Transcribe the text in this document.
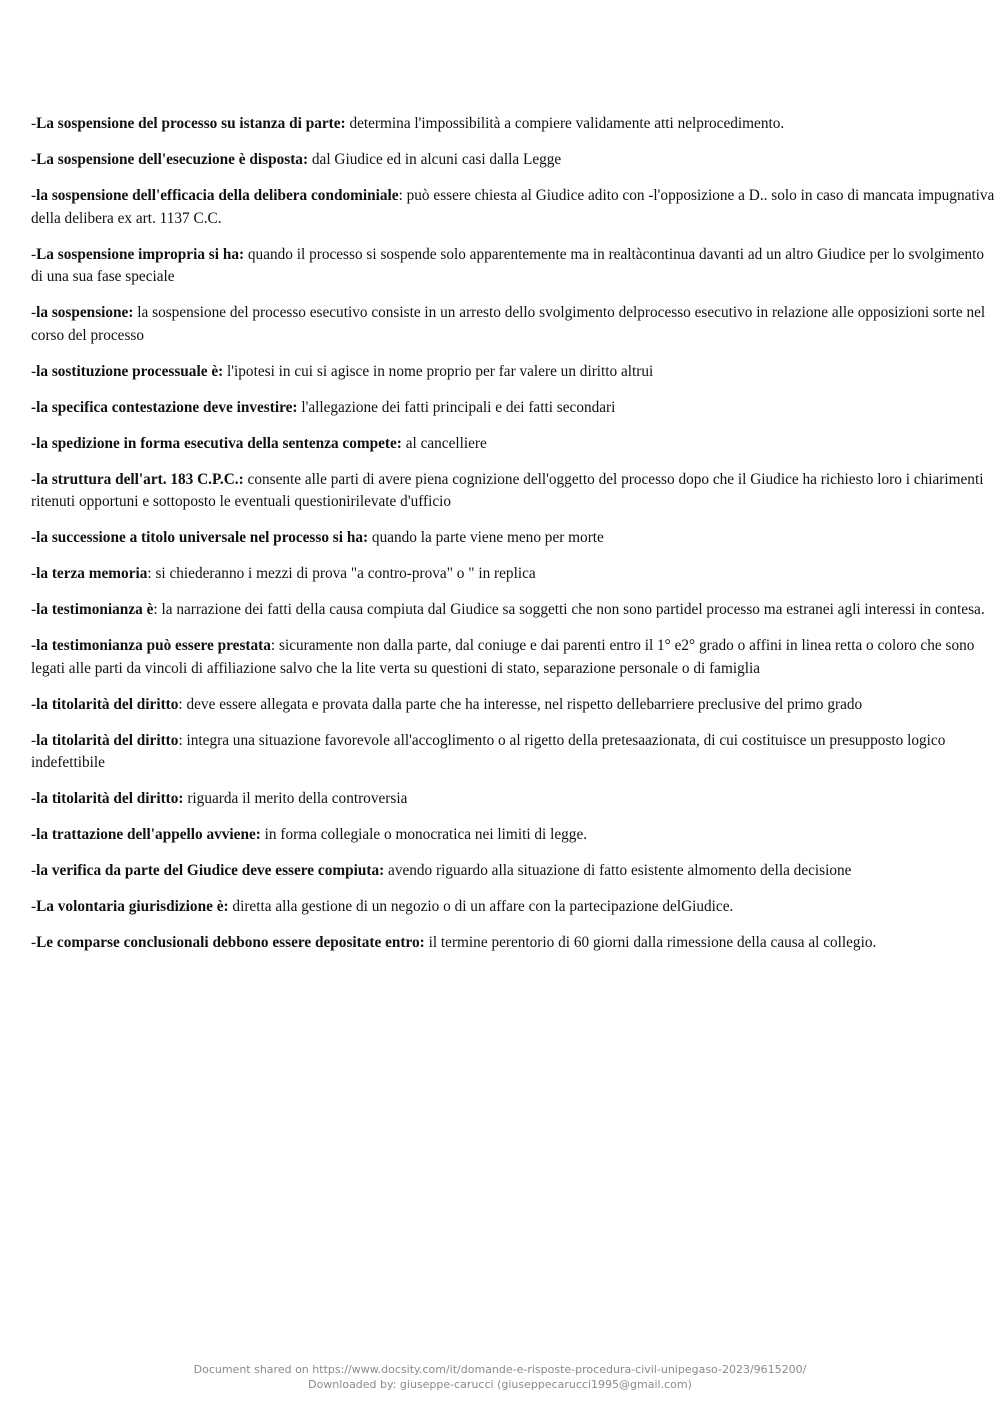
-La sospensione del processo su istanza di parte: determina l'impossibilità a compiere validamente atti nelprocedimento.

-La sospensione dell'esecuzione è disposta: dal Giudice ed in alcuni casi dalla Legge

-la sospensione dell'efficacia della delibera condominiale: può essere chiesta al Giudice adito con -l'opposizione a D.. solo in caso di mancata impugnativa della delibera ex art. 1137 C.C.

-La sospensione impropria si ha: quando il processo si sospende solo apparentemente ma in realtàcontinua davanti ad un altro Giudice per lo svolgimento di una sua fase speciale

-la sospensione: la sospensione del processo esecutivo consiste in un arresto dello svolgimento delprocesso esecutivo in relazione alle opposizioni sorte nel corso del processo

-la sostituzione processuale è: l'ipotesi in cui si agisce in nome proprio per far valere un diritto altrui

-la specifica contestazione deve investire: l'allegazione dei fatti principali e dei fatti secondari

-la spedizione in forma esecutiva della sentenza compete: al cancelliere

-la struttura dell'art. 183 C.P.C.: consente alle parti di avere piena cognizione dell'oggetto del processo dopo che il Giudice ha richiesto loro i chiarimenti ritenuti opportuni e sottoposto le eventuali questionirilevate d'ufficio

-la successione a titolo universale nel processo si ha: quando la parte viene meno per morte

-la terza memoria: si chiederanno i mezzi di prova "a contro-prova" o " in replica

-la testimonianza è: la narrazione dei fatti della causa compiuta dal Giudice sa soggetti che non sono partidel processo ma estranei agli interessi in contesa.

-la testimonianza può essere prestata: sicuramente non dalla parte, dal coniuge e dai parenti entro il 1° e2° grado o affini in linea retta o coloro che sono legati alle parti da vincoli di affiliazione salvo che la lite verta su questioni di stato, separazione personale o di famiglia

-la titolarità del diritto: deve essere allegata e provata dalla parte che ha interesse, nel rispetto dellebarriere preclusive del primo grado

-la titolarità del diritto: integra una situazione favorevole all'accoglimento o al rigetto della pretesaazionata, di cui costituisce un presupposto logico indefettibile

-la titolarità del diritto: riguarda il merito della controversia

-la trattazione dell'appello avviene: in forma collegiale o monocratica nei limiti di legge.

-la verifica da parte del Giudice deve essere compiuta: avendo riguardo alla situazione di fatto esistente almomento della decisione

-La volontaria giurisdizione è: diretta alla gestione di un negozio o di un affare con la partecipazione delGiudice.

-Le comparse conclusionali debbono essere depositate entro: il termine perentorio di 60 giorni dalla rimessione della causa al collegio.

Document shared on https://www.docsity.com/it/domande-e-risposte-procedura-civil-unipegaso-2023/9615200/
Downloaded by: giuseppe-carucci (giuseppecarucci1995@gmail.com)
